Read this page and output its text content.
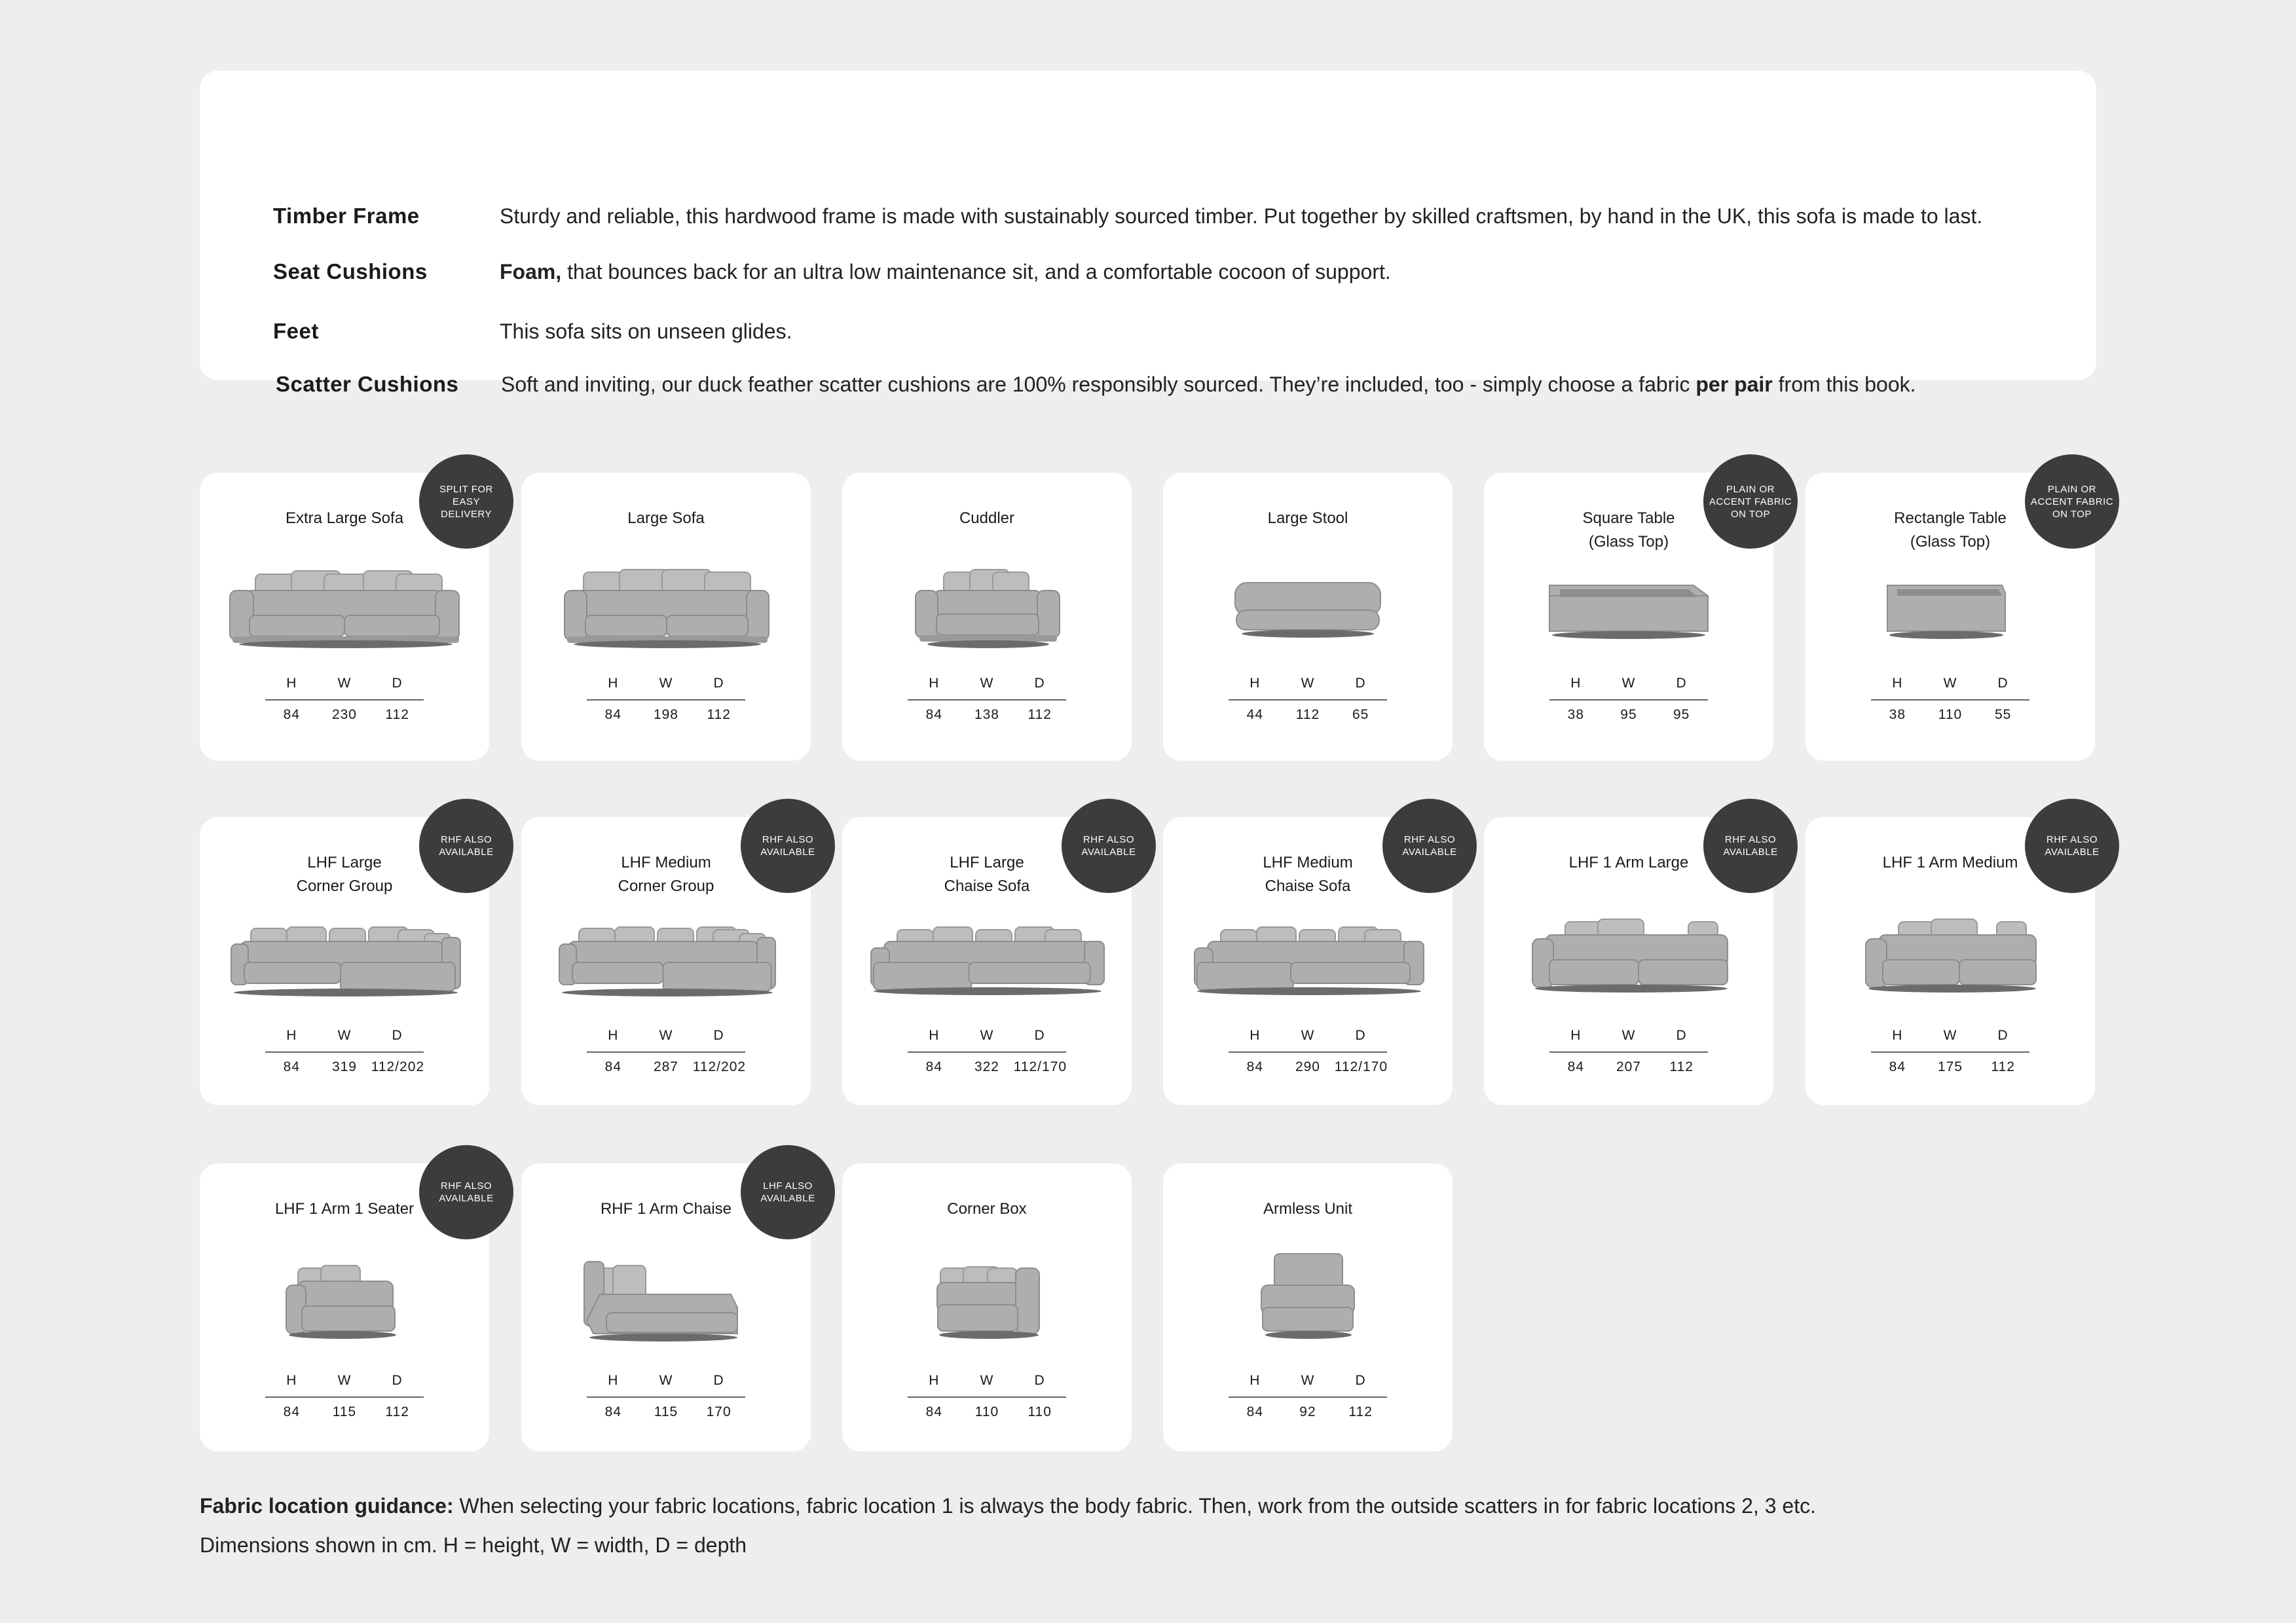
Timber Frame	Sturdy and reliable, this hardwood frame is made with sustainably sourced timber. Put together by skilled craftsmen, by hand in the UK, this sofa is made to last.
Seat Cushions	Foam, that bounces back for an ultra low maintenance sit, and a comfortable cocoon of support.
Feet	This sofa sits on unseen glides.
Scatter Cushions	Soft and inviting, our duck feather scatter cushions are 100% responsibly sourced. They’re included, too - simply choose a fabric per pair from this book.
Extra Large Sofa
H	W	D
84	230	112
SPLIT FOR
EASY
DELIVERY	Large Sofa
H	W	D
84	198	112
Cuddler
H	W	D
84	138	112
Large Stool
H	W	D
44	112	65
Square Table
(Glass Top)
H	W	D
38	95	95
PLAIN OR
ACCENT FABRIC
ON TOP	Rectangle Table
(Glass Top)
H	W	D
38	110	55
PLAIN OR
ACCENT FABRIC
ON TOP
LHF Large
Corner Group
H	W	D
84	319	112/202
RHF ALSO
AVAILABLE
LHF Medium
Corner Group
H	W	D
84	287	112/202
RHF ALSO
AVAILABLE
LHF Large
Chaise Sofa
H	W	D
84	322	112/170
RHF ALSO
AVAILABLE
LHF Medium
Chaise Sofa
H	W	D
84	290	112/170
RHF ALSO
AVAILABLE
LHF 1 Arm Large
H	W	D
84	207	112
RHF ALSO
AVAILABLE
LHF 1 Arm Medium
H	W	D
84	175	112
RHF ALSO
AVAILABLE
LHF 1 Arm 1 Seater
H	W	D
84	115	112
RHF ALSO
AVAILABLE
RHF 1 Arm Chaise
H	W	D
84	115	170
LHF ALSO
AVAILABLE
Corner Box
H	W	D
84	110	110
Armless Unit
H	W	D
84	92	112
Fabric location guidance: When selecting your fabric locations, fabric location 1 is always the body fabric. Then, work from the outside scatters in for fabric locations 2, 3 etc.
Dimensions shown in cm. H = height, W = width, D = depth
